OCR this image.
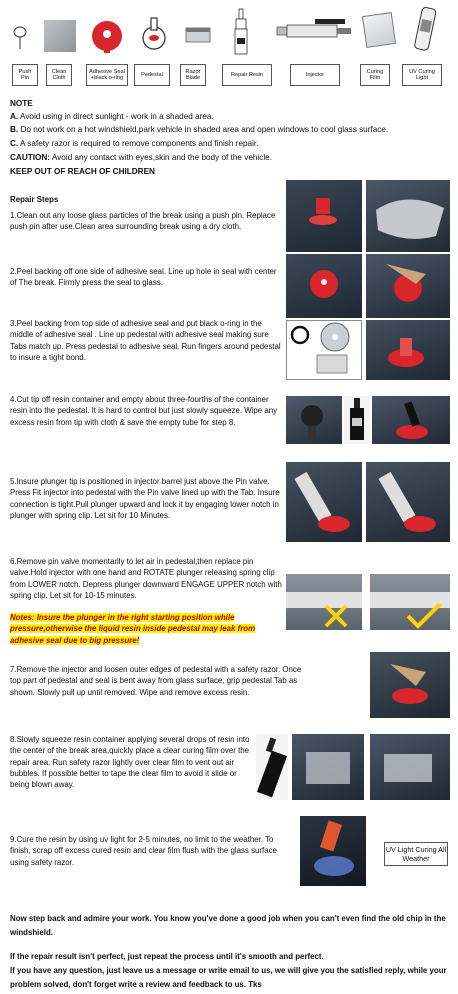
Push Pin
Clean Cloth
Adhesive Seal +black o-ring
Pedestal
Razor Blade
Repair Resin	Injector
Curing Film
UV Curing Light
NOTE
A. Avoid using in direct sunlight - work in a shaded area.
B. Do not work on a hot windshield,park vehicle in shaded area and open windows to cool glass surface.
C. A safety razor is required to remove components and finish repair.
CAUTION: Avoid any contact with eyes,skin and the body of the vehicle.
KEEP OUT OF REACH OF CHILDREN
Repair Steps
1.Clean out any loose glass particles of the break using a push pin. Replace push pin after use.Clean area surrounding break using a dry cloth.
2.Peel backing off one side of adhesive seal. Line up hole in seal with center of The break. Firmly press the seal to glass.
3.Peel backing from top side of adhesive seal and put black o-ring in the middle of adhesive seal . Line up pedestal with adhesive seal making sure Tabs match up. Press pedestal to adhesive seal. Run fingers around pedestal to insure a tight bond.
4.Cut tip off resin container and empty about three-fourths of the container resin into the pedestal. It is hard to control but just slowly squeeze. Wipe any excess resin from tip with cloth & save the empty tube for step 8.
5.Insure plunger tip is positioned in injector barrel just above the Pin valve. Press Fit injector into pedestal with the Pin valve lined up with the Tab. Insure connection is tight.Pull plunger upward and lock it by engaging lower notch in plunger with spring clip. Let sit for 10 Minutes.
6.Remove pin valve momentarily to let air in pedestal,then replace pin valve.Hold injector with one hand and ROTATE plunger releasing spring clip from LOWER notch. Depress plunger downward ENGAGE UPPER notch with spring clip. Let sit for 10-15 minutes.
Notes: Insure the plunger in the right starting position while pressure,otherwise the liquid resin inside pedestal may leak from adhesive seal due to big pressure!
7.Remove the injector and loosen outer edges of pedestal with a safety razor. Once top part of pedestal and seal is bent away from glass surface, grip pedestal Tab as shown. Slowly pull up until removed. Wipe and remove excess resin.
8.Slowly squeeze resin container applying several drops of resin into the center of the break area,quickly place a clear curing film over the repair area. Run safety razor lightly over clear film to vent out air bubbles. If possible better to tape the clear film to avoid it slide or being blown away.
9.Cure the resin by using uv light for 2-5 minutes, no limit to the weather. To finish, scrap off excess cured resin and clear film flush with the glass surface using safety razor.
UV Light Curing All Weather
Now step back and admire your work. You know you've done a good job when you can't even find the old chip in the windshield.
If the repair result isn't perfect, just repeat the process until it's smooth and perfect.
If you have any question, just leave us a message or write email to us, we will give you the satisfied reply, while your problem solved, don't forget write a review and feedback to us. Tks
